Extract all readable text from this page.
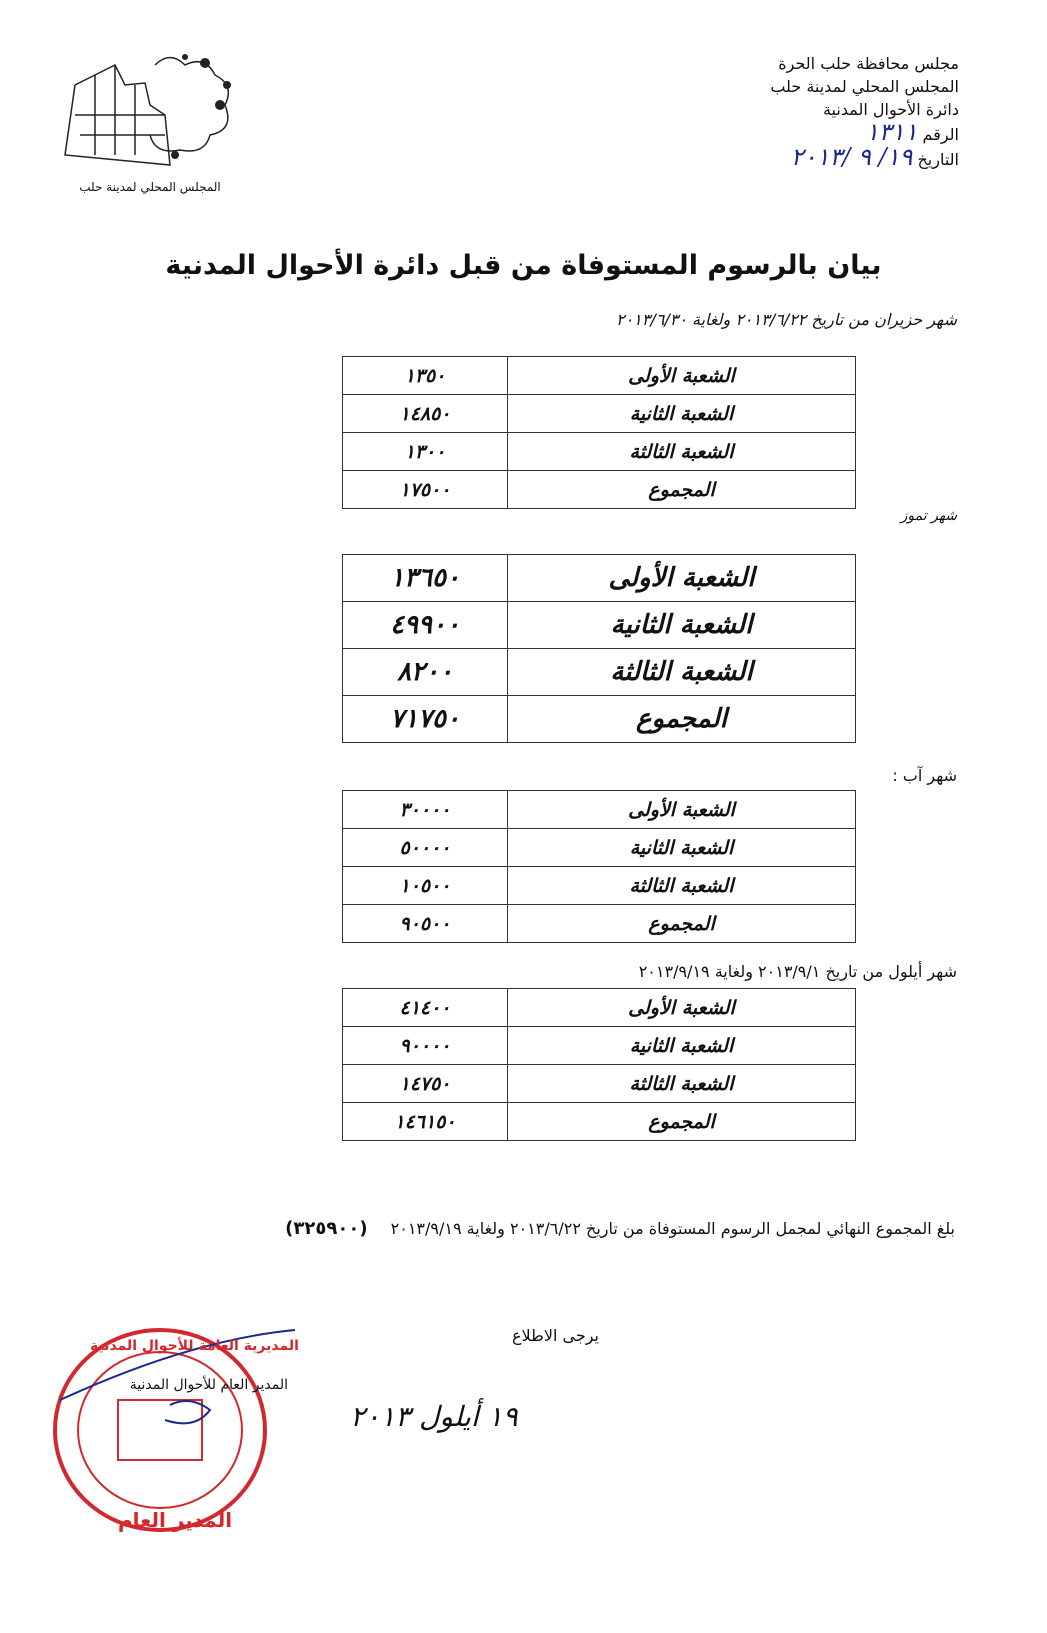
المجلس المحلي لمدينة حلب
مجلس محافظة حلب الحرة
المجلس المحلي لمدينة حلب
دائرة الأحوال المدنية
الرقم ١٣١١
التاريخ ١٩/ ٩ /٢٠١٣
بيان بالرسوم المستوفاة من قبل دائرة الأحوال المدنية
شهر حزيران من تاريخ ٢٠١٣/٦/٢٢ ولغاية ٢٠١٣/٦/٣٠
الشعبة الأولى	١٣٥٠
الشعبة الثانية	١٤٨٥٠
الشعبة الثالثة	١٣٠٠
المجموع	١٧٥٠٠
شهر تموز
الشعبة الأولى	١٣٦٥٠
الشعبة الثانية	٤٩٩٠٠
الشعبة الثالثة	٨٢٠٠
المجموع	٧١٧٥٠
شهر آب :
الشعبة الأولى	٣٠٠٠٠
الشعبة الثانية	٥٠٠٠٠
الشعبة الثالثة	١٠٥٠٠
المجموع	٩٠٥٠٠
شهر أيلول من تاريخ ٢٠١٣/٩/١ ولغاية ٢٠١٣/٩/١٩
الشعبة الأولى	٤١٤٠٠
الشعبة الثانية	٩٠٠٠٠
الشعبة الثالثة	١٤٧٥٠
المجموع	١٤٦١٥٠
بلغ المجموع النهائي لمجمل الرسوم المستوفاة من تاريخ ٢٠١٣/٦/٢٢ ولغاية ٢٠١٣/٩/١٩ (٣٢٥٩٠٠)
يرجى الاطلاع
المديرية العامة للأحوال المدنية
المدير العام
المدير العام للأحوال المدنية
١٩ أيلول ٢٠١٣
